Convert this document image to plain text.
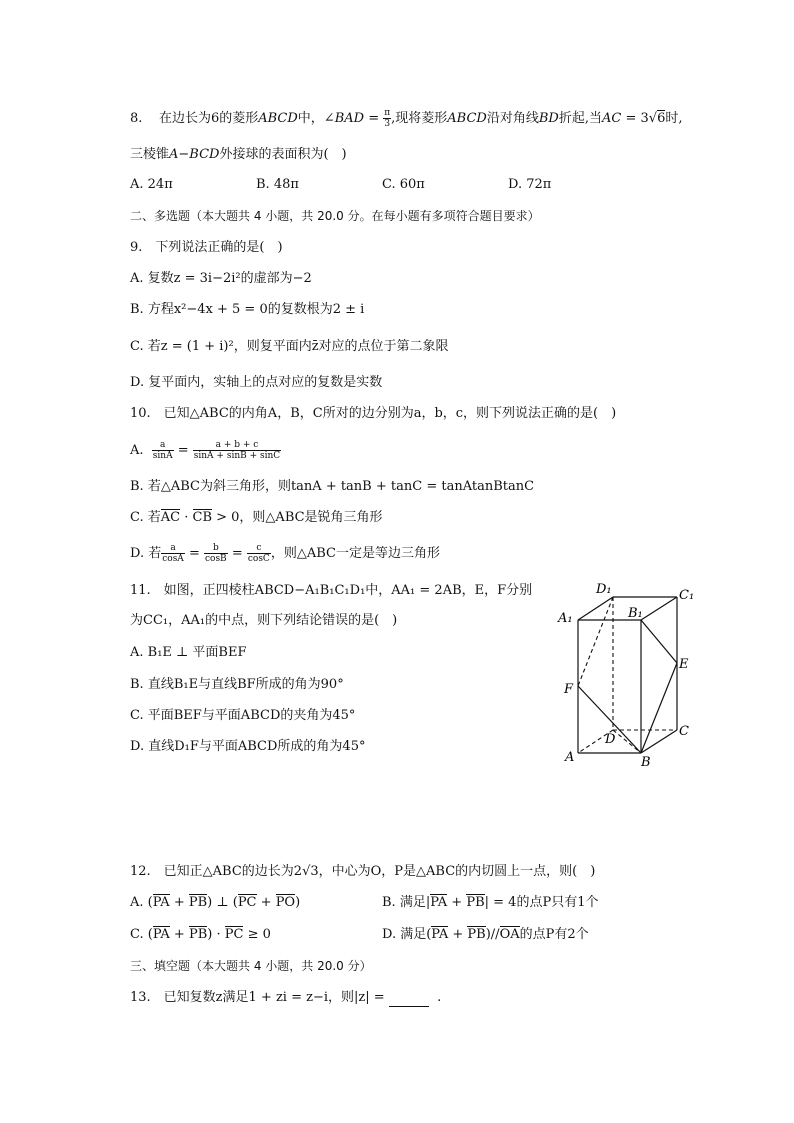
8. 在边长为6的菱形ABCD中，∠BAD = $\frac{\pi}{3}$ ,现将菱形ABCD沿对角线BD折起,当AC = 3√6时,
三棱锥A−BCD外接球的表面积为(　)
A. 24π	B. 48π	C. 60π	D. 72π
二、多选题（本大题共 4 小题，共 20.0 分。在每小题有多项符合题目要求）
9.　下列说法正确的是(　)
A. 复数z = 3i−2i²的虚部为−2
B. 方程x²−4x + 5 = 0的复数根为2 ± i
C. 若z = (1 + i)²，则复平面内z̄对应的点位于第二象限
D. 复平面内，实轴上的点对应的复数是实数
10.　已知△ABC的内角A，B，C所对的边分别为a，b，c，则下列说法正确的是(　)
A. $\frac{a}{\sin A} = \frac{a + b + c}{\sin A + \sin B + \sin C}$
B. 若△ABC为斜三角形，则tanA + tanB + tanC = tanAtanBtanC
C. 若AC · CB > 0，则△ABC是锐角三角形
D. 若 $\frac{a}{\cos A} = \frac{b}{\cos B} = \frac{c}{\cos C}$ ，则△ABC一定是等边三角形
11.　如图，正四棱柱ABCD−A₁B₁C₁D₁中，AA₁ = 2AB，E，F分别
为CC₁，AA₁的中点，则下列结论错误的是(　)
A. B₁E ⊥ 平面BEF
B. 直线B₁E与直线BF所成的角为90°
C. 平面BEF与平面ABCD的夹角为45°
D. 直线D₁F与平面ABCD所成的角为45°
D₁	C₁
A₁	B₁
E
F
D
C
A	B
12.　已知正△ABC的边长为2√3，中心为O，P是△ABC的内切圆上一点，则(　)
A. (PA + PB) ⊥ (PC + PO)	B. 满足|PA + PB| = 4的点P只有1个
C. (PA + PB) · PC ≥ 0	D. 满足(PA + PB)//OA的点P有2个
三、填空题（本大题共 4 小题，共 20.0 分）
13.　已知复数z满足1 + zi = z−i，则|z| =	.
